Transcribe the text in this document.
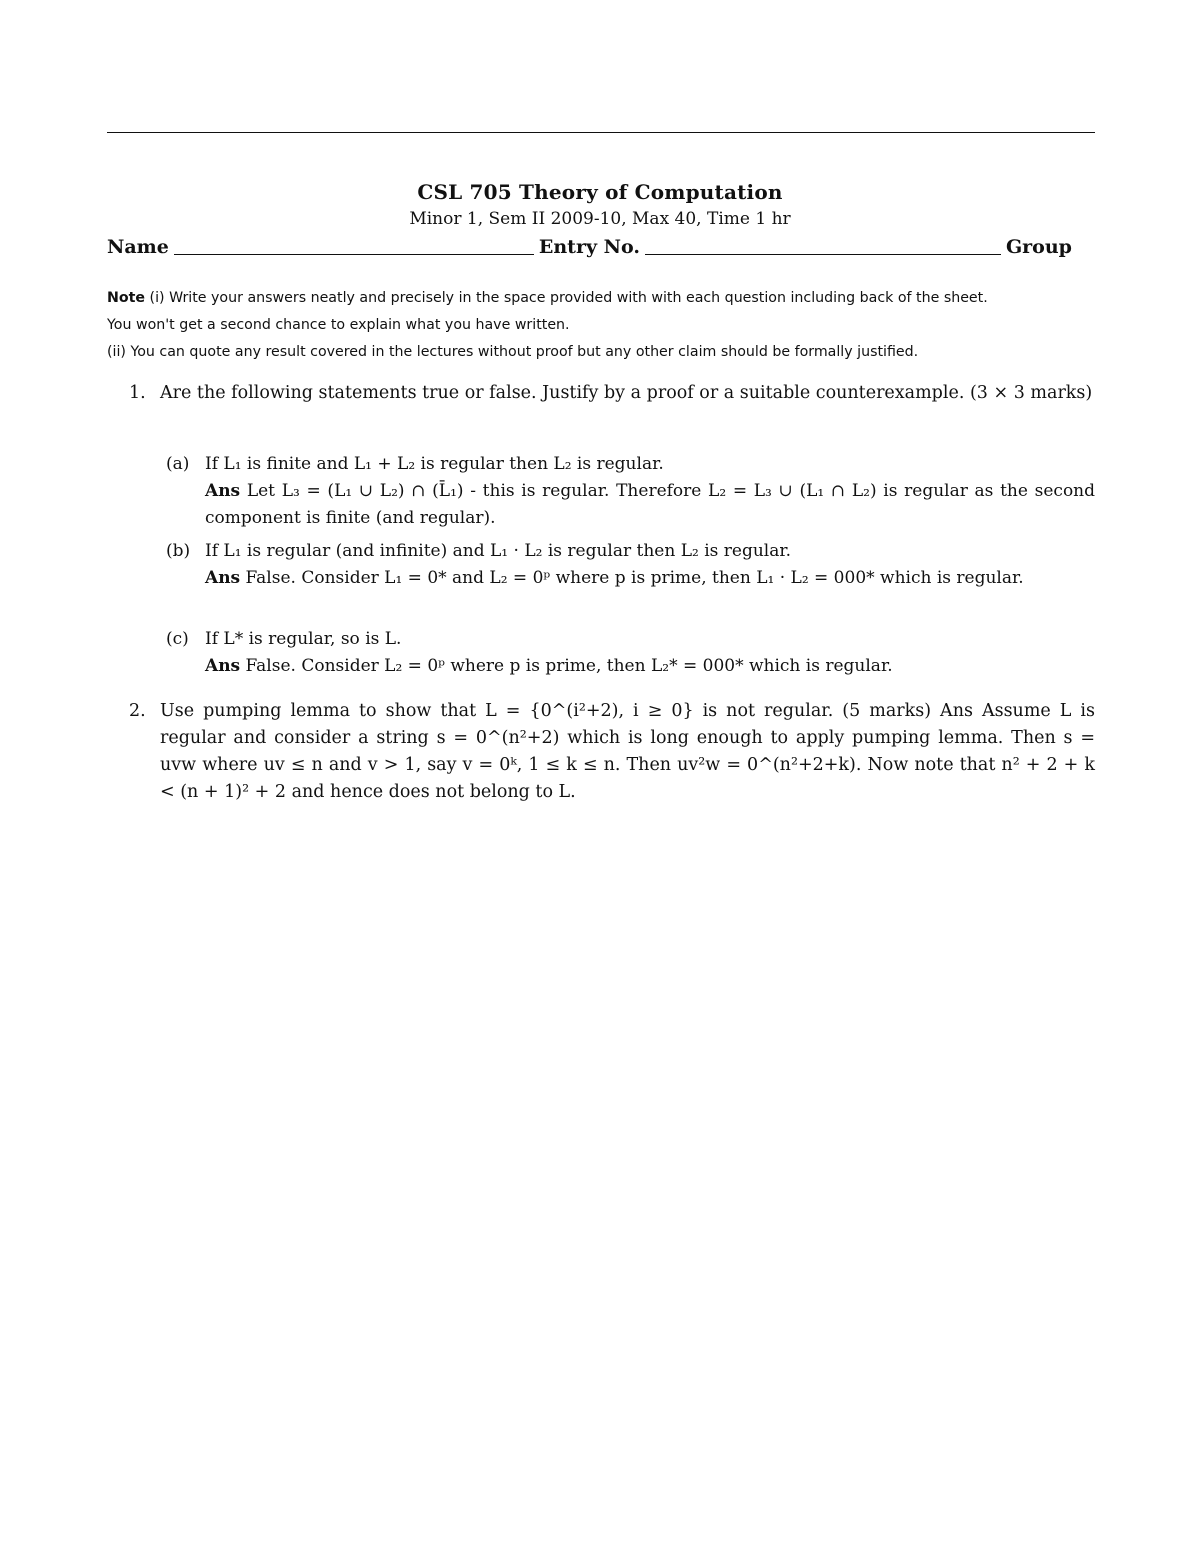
CSL 705 Theory of Computation
Minor 1, Sem II 2009-10, Max 40, Time 1 hr
Name	Entry No.	Group
Note (i) Write your answers neatly and precisely in the space provided with with each question including back of the sheet.
You won't get a second chance to explain what you have written.
(ii) You can quote any result covered in the lectures without proof but any other claim should be formally justified.
1. Are the following statements true or false. Justify by a proof or a suitable counterexample. (3 × 3 marks)
(a) If L₁ is finite and L₁ + L₂ is regular then L₂ is regular.
Ans Let L₃ = (L₁ ∪ L₂) ∩ (L̄₁) - this is regular. Therefore L₂ = L₃ ∪ (L₁ ∩ L₂) is regular as the second component is finite (and regular).
(b) If L₁ is regular (and infinite) and L₁ · L₂ is regular then L₂ is regular.
Ans False. Consider L₁ = 0* and L₂ = 0ᵖ where p is prime, then L₁ · L₂ = 000* which is regular.
(c) If L* is regular, so is L.
Ans False. Consider L₂ = 0ᵖ where p is prime, then L₂* = 000* which is regular.
2. Use pumping lemma to show that L = {0^(i²+2), i ≥ 0} is not regular. (5 marks) Ans Assume L is regular and consider a string s = 0^(n²+2) which is long enough to apply pumping lemma. Then s = uvw where uv ≤ n and v > 1, say v = 0ᵏ, 1 ≤ k ≤ n. Then uv²w = 0^(n²+2+k). Now note that n² + 2 + k < (n + 1)² + 2 and hence does not belong to L.
